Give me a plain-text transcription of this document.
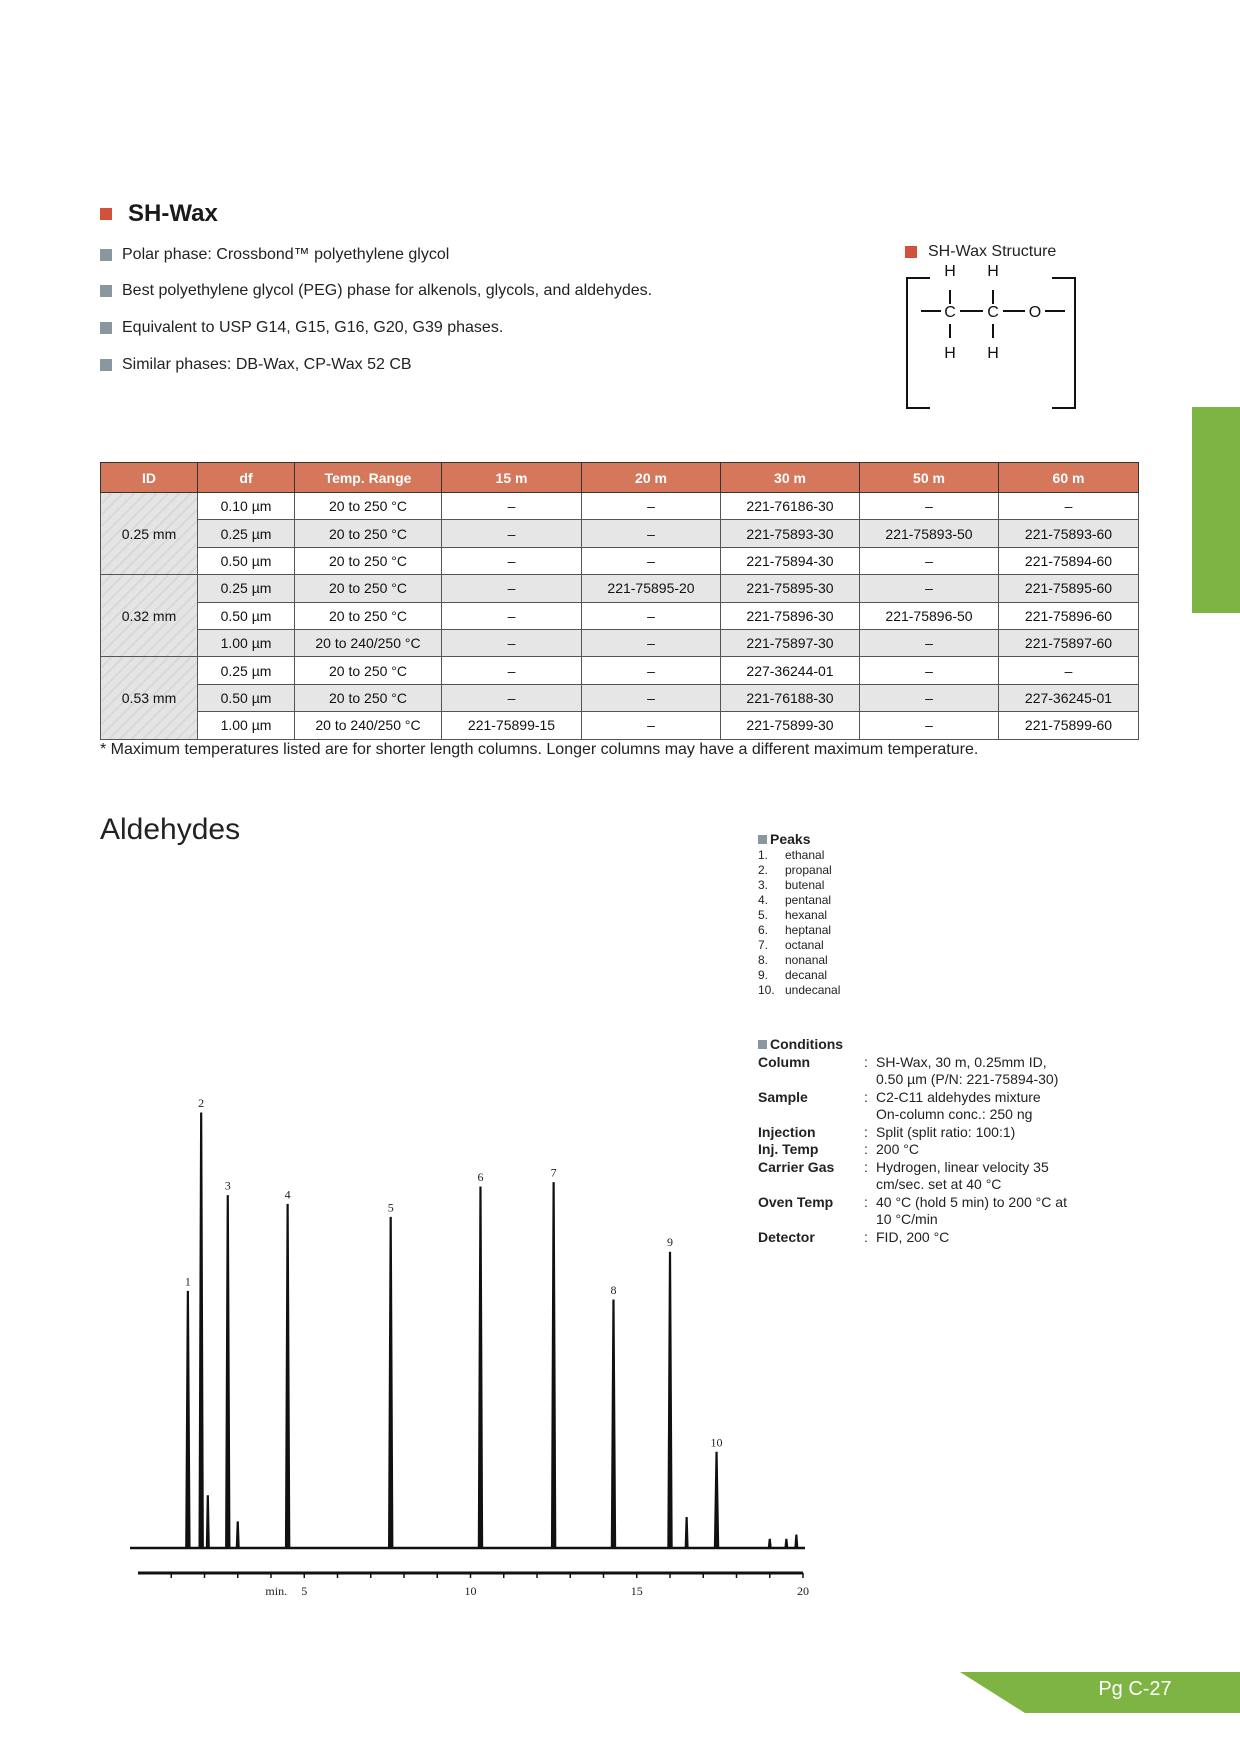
SH-Wax
Polar phase: Crossbond™ polyethylene glycol
Best polyethylene glycol (PEG) phase for alkenols, glycols, and aldehydes.
Equivalent to USP G14, G15, G16, G20, G39 phases.
Similar phases: DB-Wax, CP-Wax 52 CB
SH-Wax Structure
H H
C C O
H H
ID	df	Temp. Range	15 m	20 m	30 m	50 m	60 m
0.25 mm	0.10 µm	20 to 250 °C	–	–	221-76186-30	–	–
	0.25 µm	20 to 250 °C	–	–	221-75893-30	221-75893-50	221-75893-60
	0.50 µm	20 to 250 °C	–	–	221-75894-30	–	221-75894-60
0.32 mm	0.25 µm	20 to 250 °C	–	221-75895-20	221-75895-30	–	221-75895-60
	0.50 µm	20 to 250 °C	–	–	221-75896-30	221-75896-50	221-75896-60
	1.00 µm	20 to 240/250 °C	–	–	221-75897-30	–	221-75897-60
0.53 mm	0.25 µm	20 to 250 °C	–	–	227-36244-01	–	–
	0.50 µm	20 to 250 °C	–	–	221-76188-30	–	227-36245-01
	1.00 µm	20 to 240/250 °C	221-75899-15	–	221-75899-30	–	221-75899-60
* Maximum temperatures listed are for shorter length columns. Longer columns may have a different maximum temperature.
Aldehydes	Peaks
1.	ethanal
2.	propanal
3.	butenal
4.	pentanal
5.	hexanal
6.	heptanal
7.	octanal
8.	nonanal
9.	decanal
10. undecanal
Conditions
Column	: SH-Wax, 30 m, 0.25mm ID,
0.50 µm (P/N: 221-75894-30)
Sample	: C2-C11 aldehydes mixture
On-column conc.: 250 ng
Injection	: Split (split ratio: 100:1)
Inj. Temp	: 200 °C
Carrier Gas	: Hydrogen, linear velocity 35
cm/sec. set at 40 °C
Oven Temp	: 40 °C (hold 5 min) to 200 °C at
10 °C/min
Detector	: FID, 200 °C
1
2
3
4
5
6	7
8
9
10
5	10	15	20
min.
Pg C-27
